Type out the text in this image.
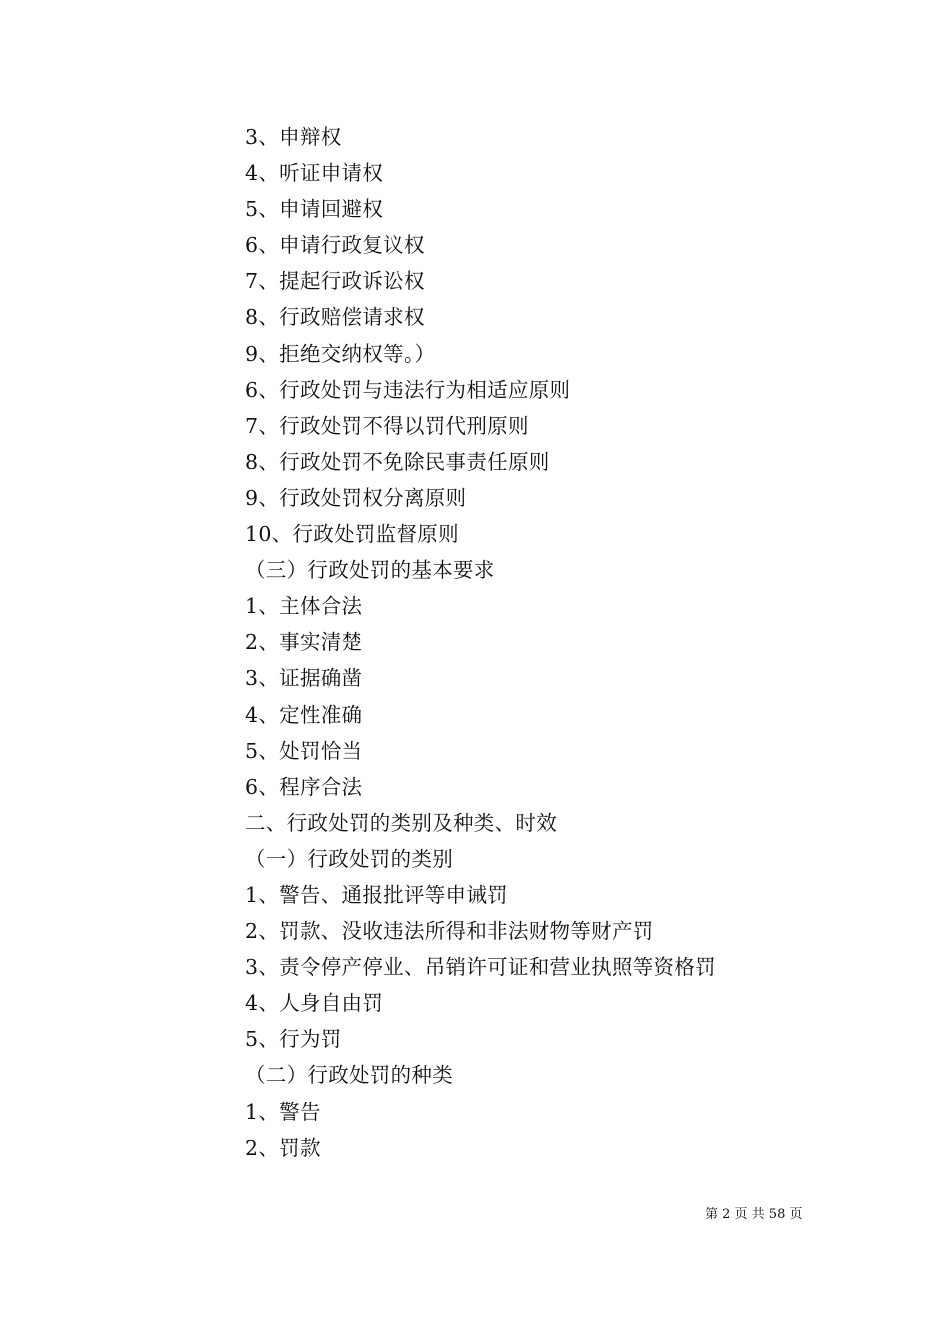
3、申辩权
4、听证申请权
5、申请回避权
6、申请行政复议权
7、提起行政诉讼权
8、行政赔偿请求权
9、拒绝交纳权等。）
6、行政处罚与违法行为相适应原则
7、行政处罚不得以罚代刑原则
8、行政处罚不免除民事责任原则
9、行政处罚权分离原则
10、行政处罚监督原则
（三）行政处罚的基本要求
1、主体合法
2、事实清楚
3、证据确凿
4、定性准确
5、处罚恰当
6、程序合法
二、行政处罚的类别及种类、时效
（一）行政处罚的类别
1、警告、通报批评等申诫罚
2、罚款、没收违法所得和非法财物等财产罚
3、责令停产停业、吊销许可证和营业执照等资格罚
4、人身自由罚
5、行为罚
（二）行政处罚的种类
1、警告
2、罚款
第 2 页 共 58 页
